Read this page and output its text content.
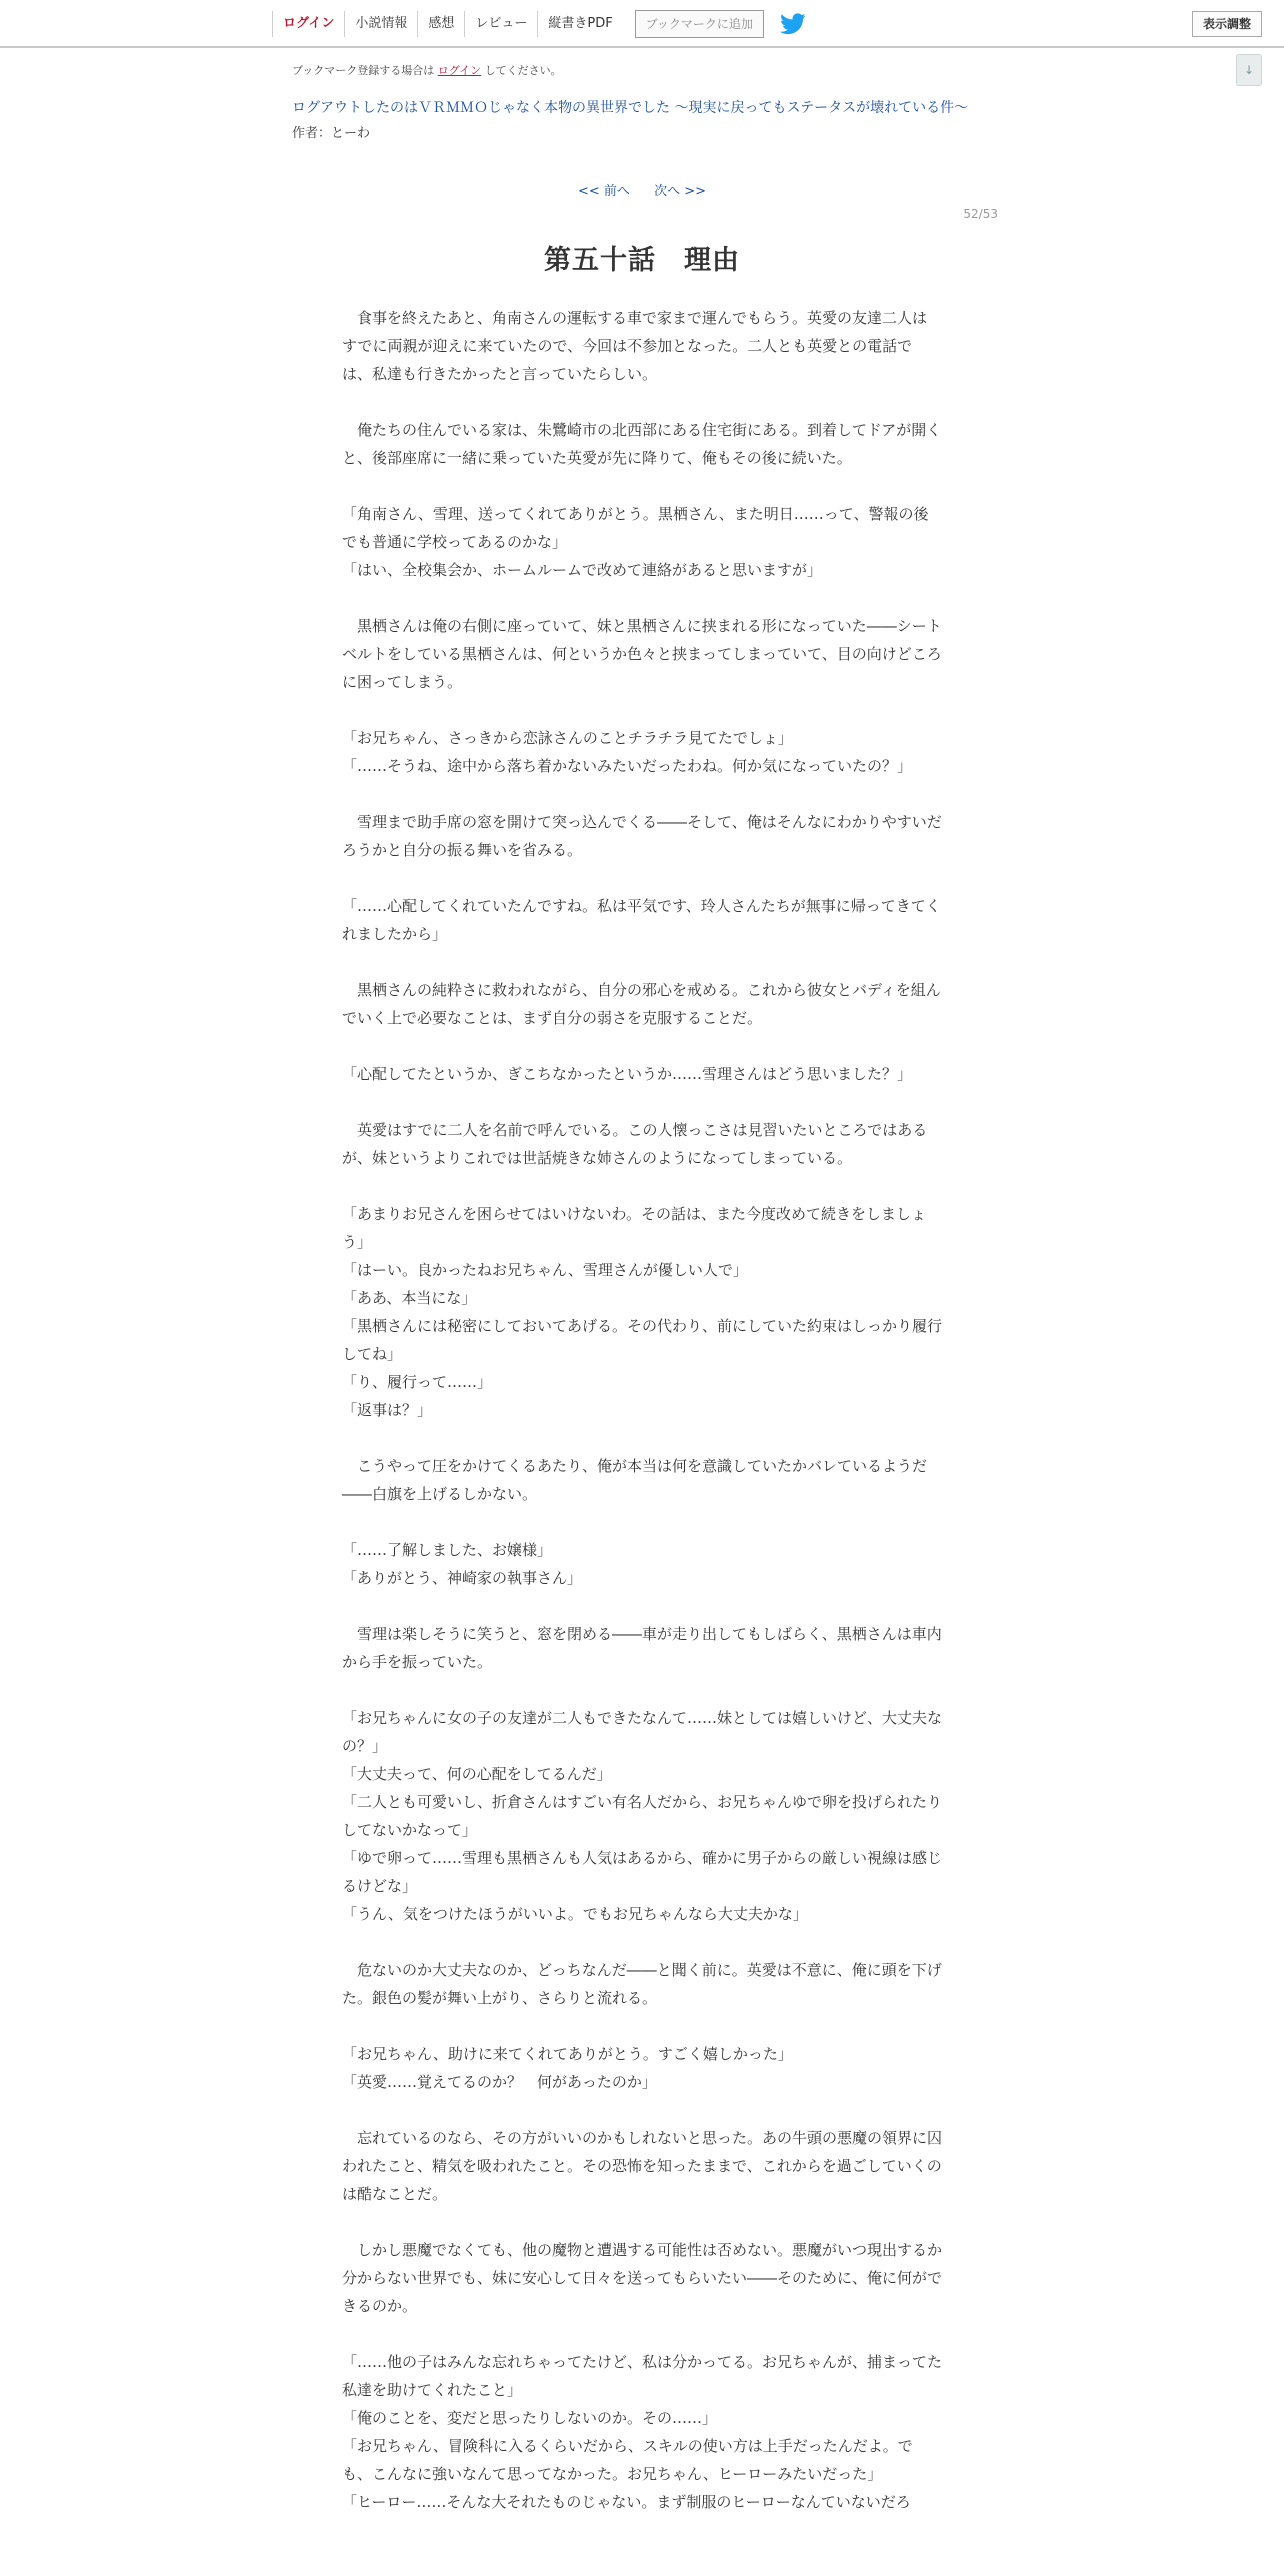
ログイン	小説情報	感想	レビュー	縦書きPDF	ブックマークに追加	表示調整
↓
ブックマーク登録する場合は ログイン してください。
ログアウトしたのはＶＲＭＭＯじゃなく本物の異世界でした ～現実に戻ってもステータスが壊れている件～
作者：とーわ
<< 前へ 次へ >>
52/53
第五十話　理由

　食事を終えたあと、角南さんの運転する車で家まで運んでもらう。英愛の友達二人はすでに両親が迎えに来ていたので、今回は不参加となった。二人とも英愛との電話では、私達も行きたかったと言っていたらしい。

　俺たちの住んでいる家は、朱鷺崎市の北西部にある住宅街にある。到着してドアが開くと、後部座席に一緒に乗っていた英愛が先に降りて、俺もその後に続いた。

「角南さん、雪理、送ってくれてありがとう。黒栖さん、また明日……って、警報の後でも普通に学校ってあるのかな」

「はい、全校集会か、ホームルームで改めて連絡があると思いますが」

　黒栖さんは俺の右側に座っていて、妹と黒栖さんに挟まれる形になっていた――シートベルトをしている黒栖さんは、何というか色々と挟まってしまっていて、目の向けどころに困ってしまう。

「お兄ちゃん、さっきから恋詠さんのことチラチラ見てたでしょ」

「……そうね、途中から落ち着かないみたいだったわね。何か気になっていたの？」

　雪理まで助手席の窓を開けて突っ込んでくる――そして、俺はそんなにわかりやすいだろうかと自分の振る舞いを省みる。

「……心配してくれていたんですね。私は平気です、玲人さんたちが無事に帰ってきてくれましたから」

　黒栖さんの純粋さに救われながら、自分の邪心を戒める。これから彼女とバディを組んでいく上で必要なことは、まず自分の弱さを克服することだ。

「心配してたというか、ぎこちなかったというか……雪理さんはどう思いました？」

　英愛はすでに二人を名前で呼んでいる。この人懐っこさは見習いたいところではあるが、妹というよりこれでは世話焼きな姉さんのようになってしまっている。

「あまりお兄さんを困らせてはいけないわ。その話は、また今度改めて続きをしましょう」

「はーい。良かったねお兄ちゃん、雪理さんが優しい人で」

「ああ、本当にな」

「黒栖さんには秘密にしておいてあげる。その代わり、前にしていた約束はしっかり履行してね」

「り、履行って……」

「返事は？」

　こうやって圧をかけてくるあたり、俺が本当は何を意識していたかバレているようだ――白旗を上げるしかない。

「……了解しました、お嬢様」

「ありがとう、神崎家の執事さん」

　雪理は楽しそうに笑うと、窓を閉める――車が走り出してもしばらく、黒栖さんは車内から手を振っていた。

「お兄ちゃんに女の子の友達が二人もできたなんて……妹としては嬉しいけど、大丈夫なの？」

「大丈夫って、何の心配をしてるんだ」

「二人とも可愛いし、折倉さんはすごい有名人だから、お兄ちゃんゆで卵を投げられたりしてないかなって」

「ゆで卵って……雪理も黒栖さんも人気はあるから、確かに男子からの厳しい視線は感じるけどな」

「うん、気をつけたほうがいいよ。でもお兄ちゃんなら大丈夫かな」

　危ないのか大丈夫なのか、どっちなんだ――と聞く前に。英愛は不意に、俺に頭を下げた。銀色の髪が舞い上がり、さらりと流れる。

「お兄ちゃん、助けに来てくれてありがとう。すごく嬉しかった」

「英愛……覚えてるのか？　何があったのか」

　忘れているのなら、その方がいいのかもしれないと思った。あの牛頭の悪魔の領界に囚われたこと、精気を吸われたこと。その恐怖を知ったままで、これからを過ごしていくのは酷なことだ。

　しかし悪魔でなくても、他の魔物と遭遇する可能性は否めない。悪魔がいつ現出するか分からない世界でも、妹に安心して日々を送ってもらいたい――そのために、俺に何ができるのか。

「……他の子はみんな忘れちゃってたけど、私は分かってる。お兄ちゃんが、捕まってた私達を助けてくれたこと」

「俺のことを、変だと思ったりしないのか。その……」

「お兄ちゃん、冒険科に入るくらいだから、スキルの使い方は上手だったんだよ。でも、こんなに強いなんて思ってなかった。お兄ちゃん、ヒーローみたいだった」

「ヒーロー……そんな大それたものじゃない。まず制服のヒーローなんていないだろ
